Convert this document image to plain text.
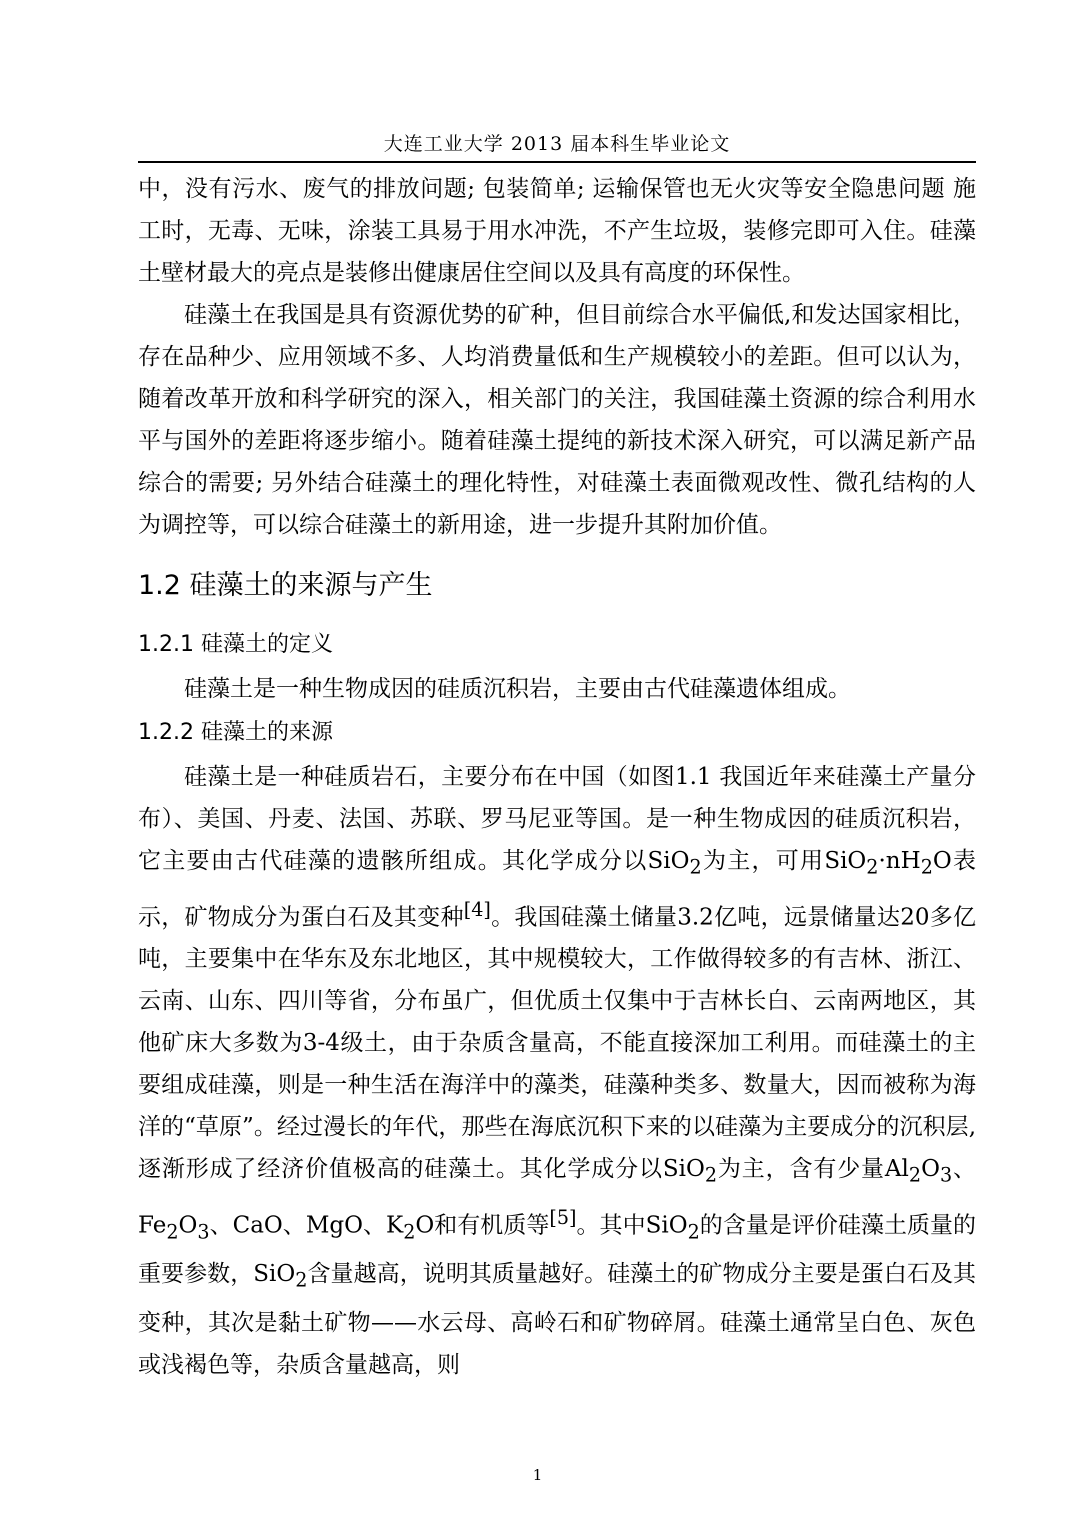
大连工业大学 2013 届本科生毕业论文

中，没有污水、废气的排放问题; 包装简单; 运输保管也无火灾等安全隐患问题 施工时，无毒、无味，涂装工具易于用水冲洗，不产生垃圾，装修完即可入住。硅藻土壁材最大的亮点是装修出健康居住空间以及具有高度的环保性。

硅藻土在我国是具有资源优势的矿种，但目前综合水平偏低,和发达国家相比，存在品种少、应用领域不多、人均消费量低和生产规模较小的差距。但可以认为，随着改革开放和科学研究的深入，相关部门的关注，我国硅藻土资源的综合利用水平与国外的差距将逐步缩小。随着硅藻土提纯的新技术深入研究，可以满足新产品综合的需要; 另外结合硅藻土的理化特性，对硅藻土表面微观改性、微孔结构的人为调控等，可以综合硅藻土的新用途，进一步提升其附加价值。

1.2 硅藻土的来源与产生
1.2.1 硅藻土的定义

硅藻土是一种生物成因的硅质沉积岩，主要由古代硅藻遗体组成。

1.2.2 硅藻土的来源

硅藻土是一种硅质岩石，主要分布在中国（如图1.1 我国近年来硅藻土产量分布）、美国、丹麦、法国、苏联、罗马尼亚等国。是一种生物成因的硅质沉积岩，它主要由古代硅藻的遗骸所组成。其化学成分以SiO$_2$为主，可用$SiO_2\cdot nH_2O$表示，矿物成分为蛋白石及其变种[4]。我国硅藻土储量3.2亿吨，远景储量达20多亿吨，主要集中在华东及东北地区，其中规模较大，工作做得较多的有吉林、浙江、云南、山东、四川等省，分布虽广，但优质土仅集中于吉林长白、云南两地区，其他矿床大多数为3-4级土，由于杂质含量高，不能直接深加工利用。而硅藻土的主要组成硅藻，则是一种生活在海洋中的藻类，硅藻种类多、数量大，因而被称为海洋的“草原”。经过漫长的年代，那些在海底沉积下来的以硅藻为主要成分的沉积层,逐渐形成了经济价值极高的硅藻土。其化学成分以SiO$_2$为主，含有少量$Al_2O_3$、$Fe_2O_3$、CaO、MgO、$K_2O$和有机质等[5]。其中SiO$_2$的含量是评价硅藻土质量的重要参数，SiO$_2$含量越高，说明其质量越好。硅藻土的矿物成分主要是蛋白石及其变种，其次是黏土矿物——水云母、高岭石和矿物碎屑。硅藻土通常呈白色、灰色或浅褐色等，杂质含量越高，则

1
